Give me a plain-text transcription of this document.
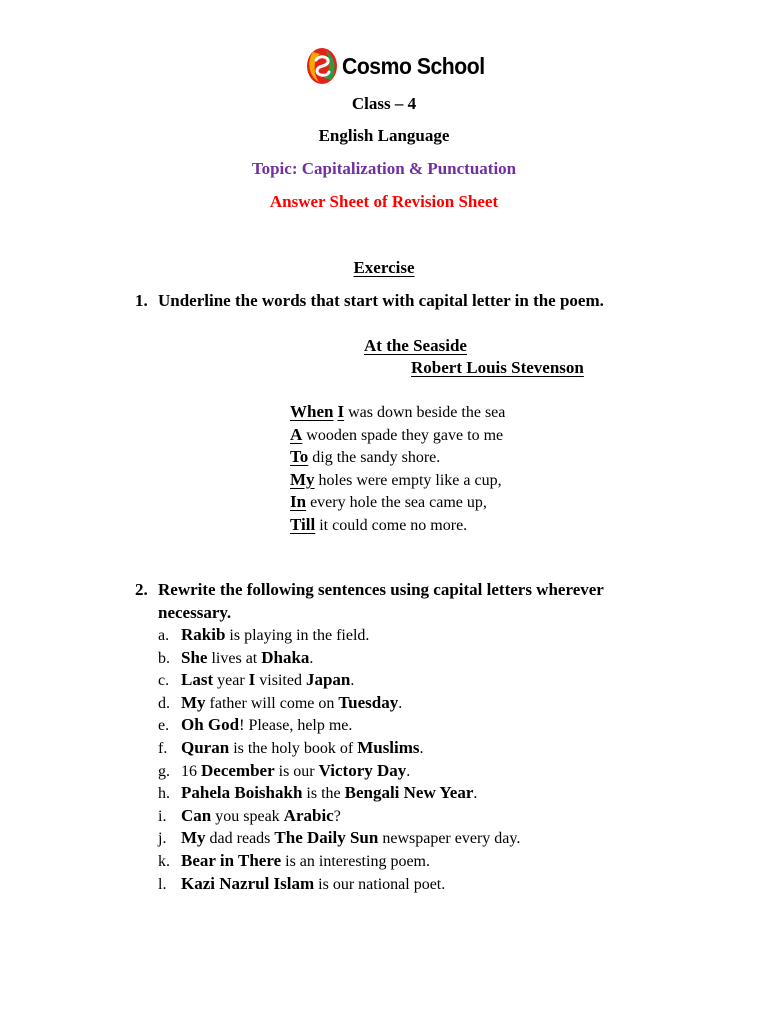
Cosmo School
Class – 4
English Language
Topic: Capitalization & Punctuation
Answer Sheet of Revision Sheet
Exercise
1. Underline the words that start with capital letter in the poem.
At the Seaside
Robert Louis Stevenson
When I was down beside the sea
A wooden spade they gave to me
To dig the sandy shore.
My holes were empty like a cup,
In every hole the sea came up,
Till it could come no more.
2. Rewrite the following sentences using capital letters wherever
necessary.
a. Rakib is playing in the field.
b. She lives at Dhaka.
c. Last year I visited Japan.
d. My father will come on Tuesday.
e. Oh God! Please, help me.
f. Quran is the holy book of Muslims.
g. 16 December is our Victory Day.
h. Pahela Boishakh is the Bengali New Year.
i. Can you speak Arabic?
j. My dad reads The Daily Sun newspaper every day.
k. Bear in There is an interesting poem.
l. Kazi Nazrul Islam is our national poet.
